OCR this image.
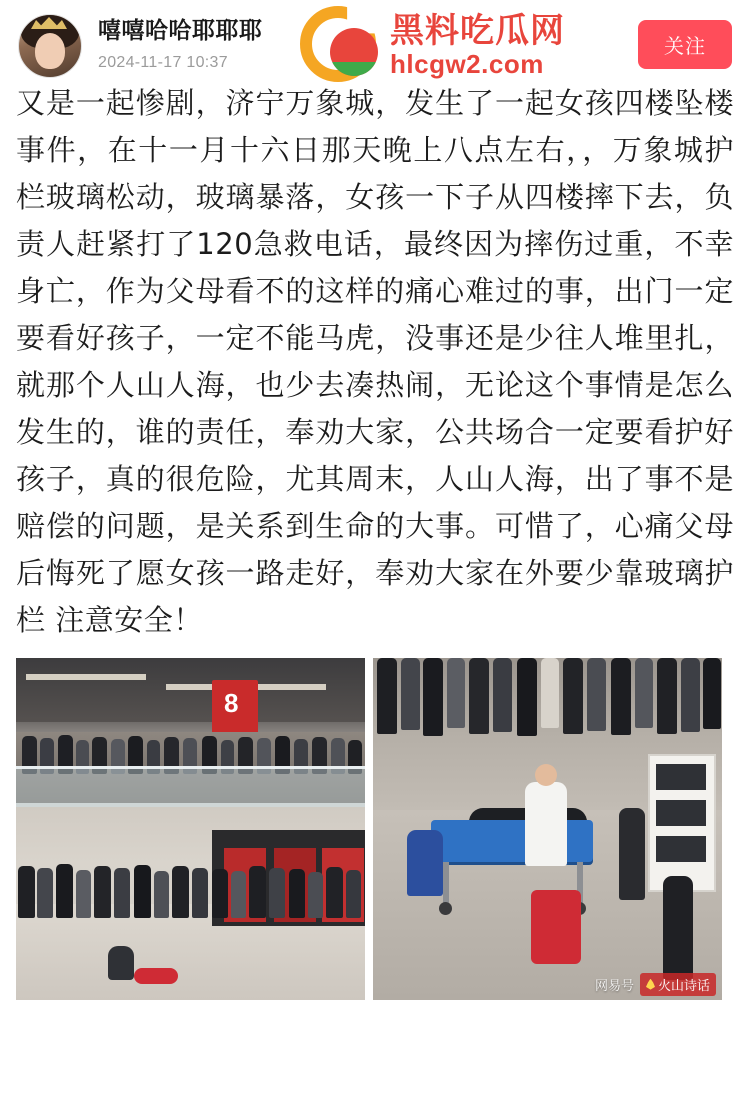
嘻嘻哈哈耶耶耶
2024-11-17 10:37
关注
黑料吃瓜网
hlcgw2.com
又是一起惨剧，济宁万象城，发生了一起女孩四楼坠楼事件，在十一月十六日那天晚上八点左右，，万象城护栏玻璃松动，玻璃暴落，女孩一下子从四楼摔下去，负责人赶紧打了120急救电话，最终因为摔伤过重，不幸身亡，作为父母看不的这样的痛心难过的事，出门一定要看好孩子，一定不能马虎，没事还是少往人堆里扎，就那个人山人海，也少去凑热闹，无论这个事情是怎么发生的，谁的责任，奉劝大家，公共场合一定要看护好孩子，真的很危险，尤其周末，人山人海，出了事不是赔偿的问题，是关系到生命的大事。可惜了，心痛父母后悔死了愿女孩一路走好，奉劝大家在外要少靠玻璃护栏 注意安全！
8
网易号 火山诗话
